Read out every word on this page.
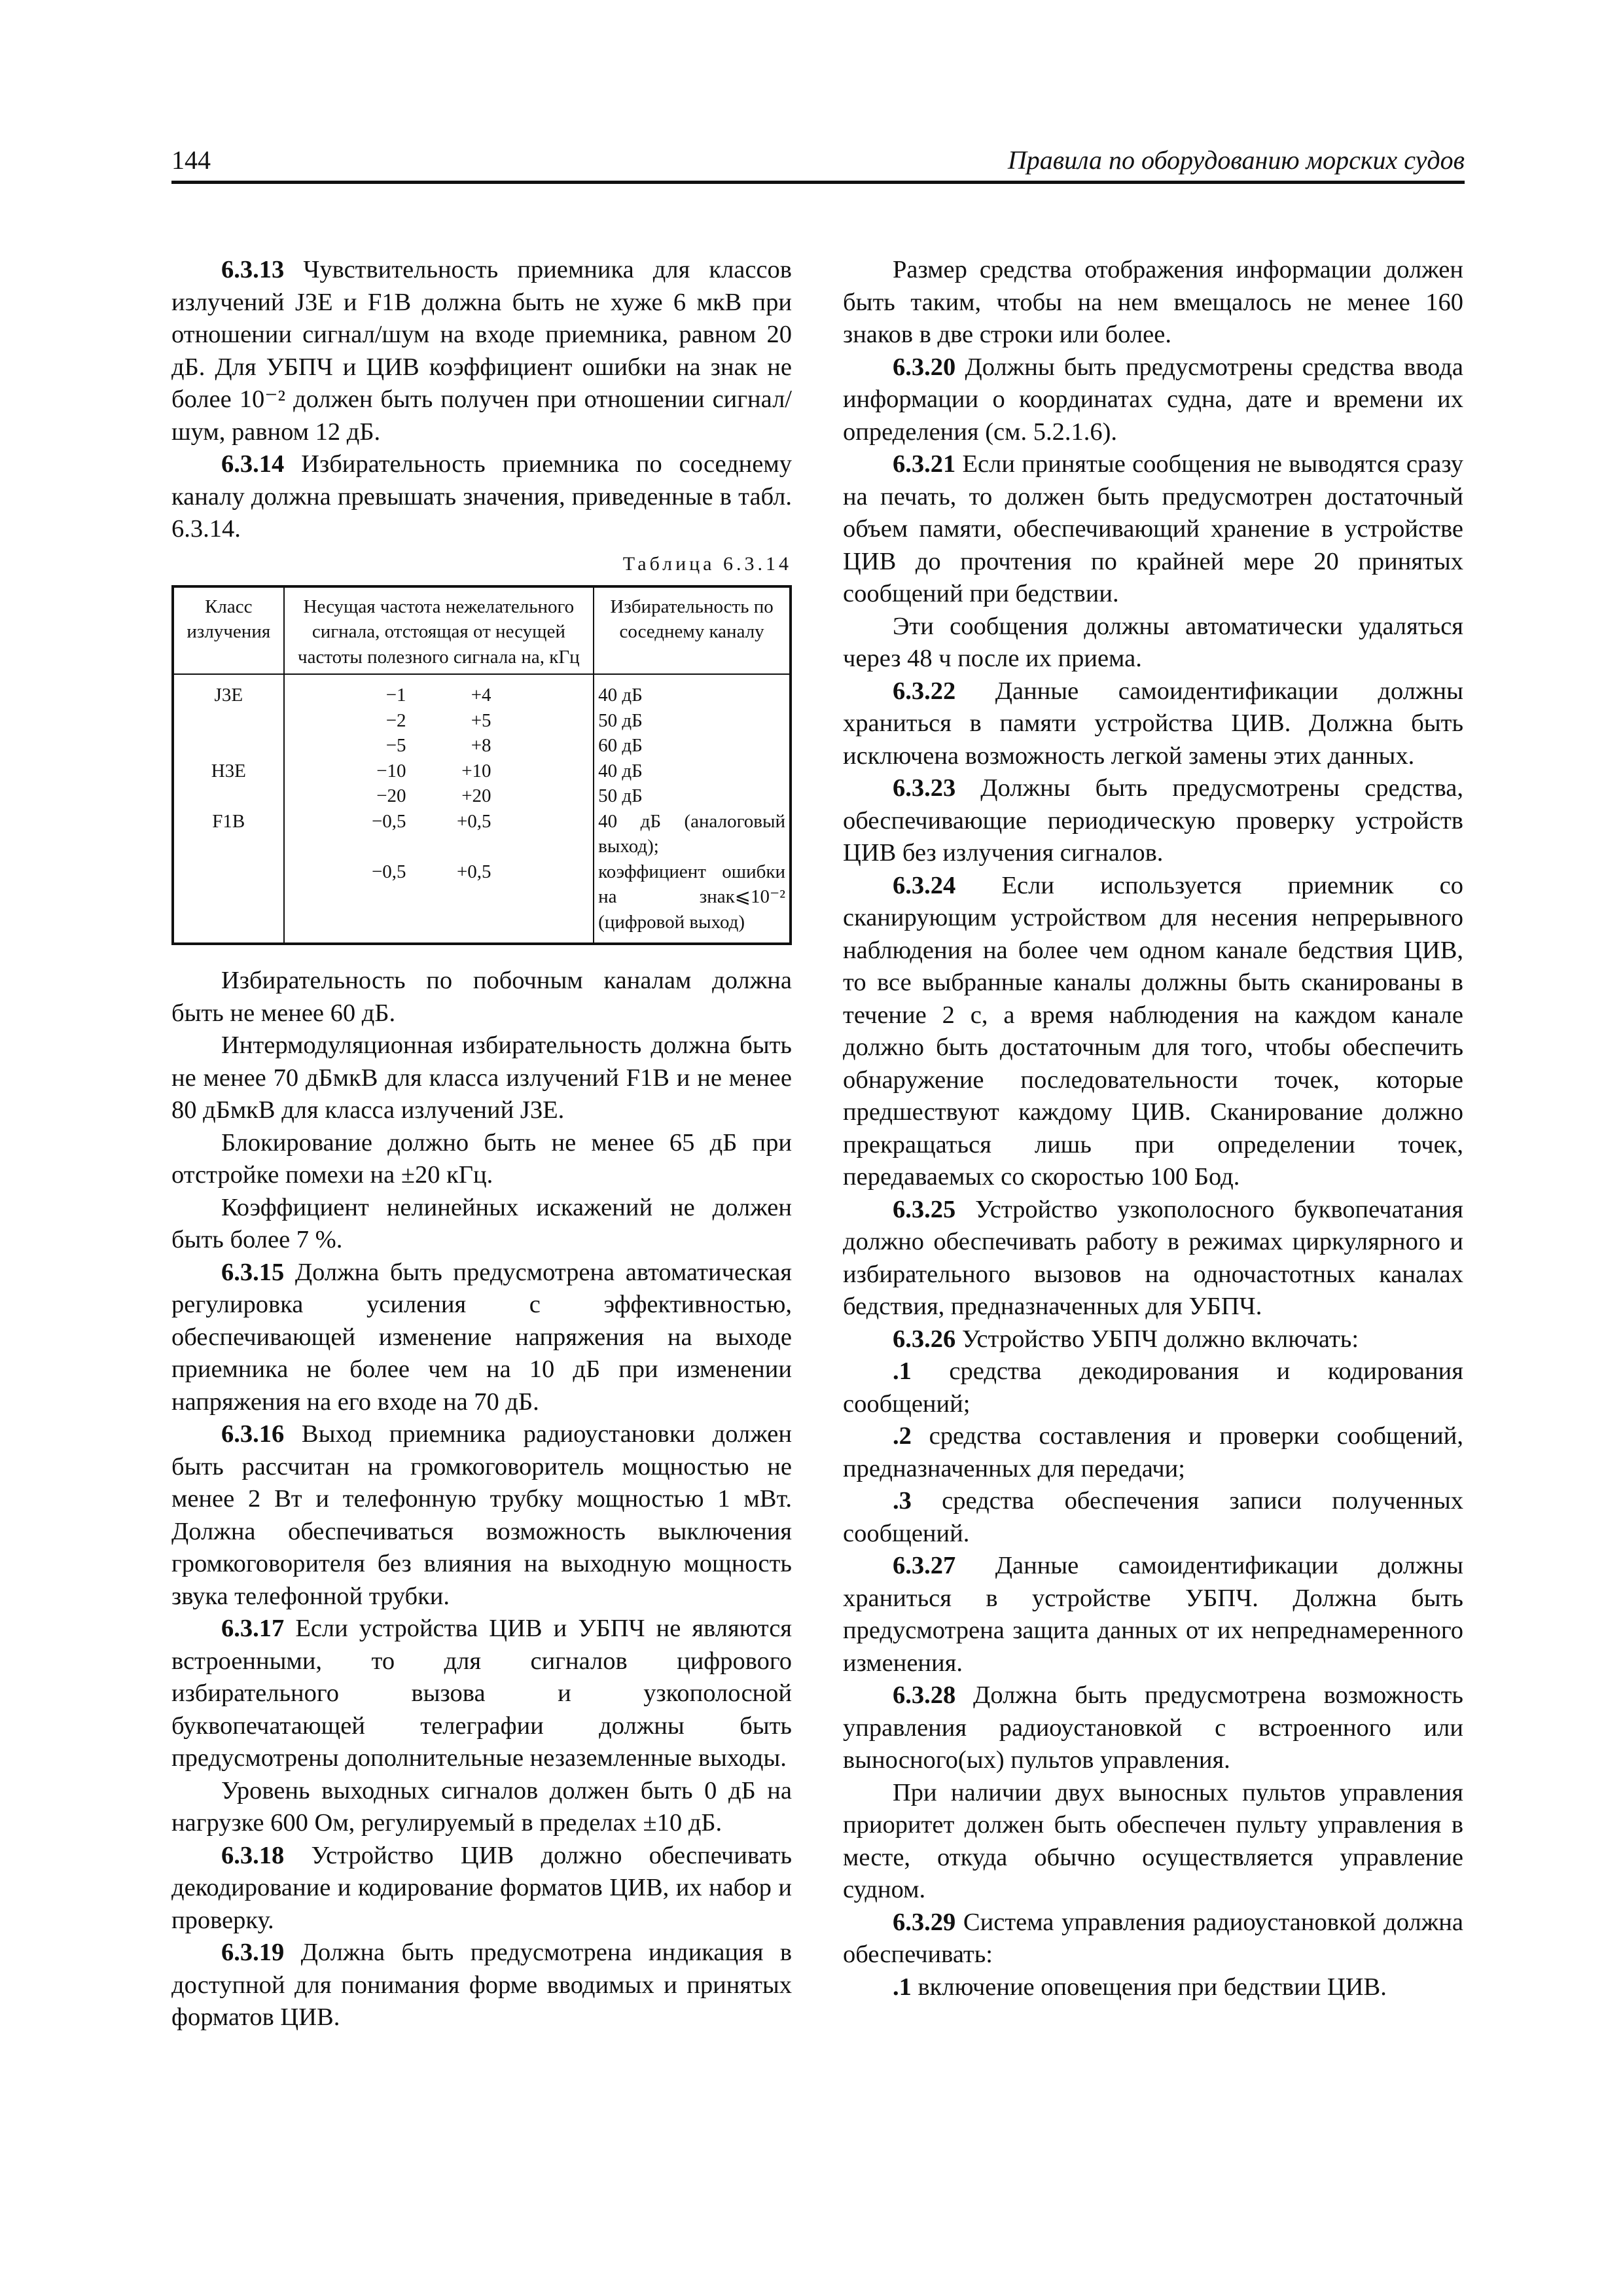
144	Правила по оборудованию морских судов

6.3.13 Чувствительность приемника для классов излучений J3E и F1B должна быть не хуже 6 мкВ при отношении сигнал/шум на входе приемника, равном 20 дБ. Для УБПЧ и ЦИВ коэффициент ошибки на знак не более 10⁻² должен быть получен при отношении сигнал/шум, равном 12 дБ.

6.3.14 Избирательность приемника по соседнему каналу должна превышать значения, приведенные в табл. 6.3.14.

Таблица 6.3.14
Класс излучения	Несущая частота нежелательного сигнала, отстоящая от несущей частоты полезного сигнала на, кГц	Избирательность по соседнему каналу
J3E	−1 +4	40 дБ

	−2 +5	50 дБ

	−5 +8	60 дБ
H3E	−10 +10	40 дБ

	−20 +20	50 дБ
F1B	−0,5 +0,5	40 дБ (аналоговый выход);

	−0,5 +0,5	коэффициент ошибки на знак⩽10⁻² (цифровой выход)

Избирательность по побочным каналам должна быть не менее 60 дБ.

Интермодуляционная избирательность должна быть не менее 70 дБмкВ для класса излучений F1B и не менее 80 дБмкВ для класса излучений J3E.

Блокирование должно быть не менее 65 дБ при отстройке помехи на ±20 кГц.

Коэффициент нелинейных искажений не должен быть более 7 %.

6.3.15 Должна быть предусмотрена автоматическая регулировка усиления с эффективностью, обеспечивающей изменение напряжения на выходе приемника не более чем на 10 дБ при изменении напряжения на его входе на 70 дБ.

6.3.16 Выход приемника радиоустановки должен быть рассчитан на громкоговоритель мощностью не менее 2 Вт и телефонную трубку мощностью 1 мВт. Должна обеспечиваться возможность выключения громкоговорителя без влияния на выходную мощность звука телефонной трубки.

6.3.17 Если устройства ЦИВ и УБПЧ не являются встроенными, то для сигналов цифрового избирательного вызова и узкополосной буквопечатающей телеграфии должны быть предусмотрены дополнительные незаземленные выходы.

Уровень выходных сигналов должен быть 0 дБ на нагрузке 600 Ом, регулируемый в пределах ±10 дБ.

6.3.18 Устройство ЦИВ должно обеспечивать декодирование и кодирование форматов ЦИВ, их набор и проверку.

6.3.19 Должна быть предусмотрена индикация в доступной для понимания форме вводимых и принятых форматов ЦИВ.

Размер средства отображения информации должен быть таким, чтобы на нем вмещалось не менее 160 знаков в две строки или более.

6.3.20 Должны быть предусмотрены средства ввода информации о координатах судна, дате и времени их определения (см. 5.2.1.6).

6.3.21 Если принятые сообщения не выводятся сразу на печать, то должен быть предусмотрен достаточный объем памяти, обеспечивающий хранение в устройстве ЦИВ до прочтения по крайней мере 20 принятых сообщений при бедствии.

Эти сообщения должны автоматически удаляться через 48 ч после их приема.

6.3.22 Данные самоидентификации должны храниться в памяти устройства ЦИВ. Должна быть исключена возможность легкой замены этих данных.

6.3.23 Должны быть предусмотрены средства, обеспечивающие периодическую проверку устройств ЦИВ без излучения сигналов.

6.3.24 Если используется приемник со сканирующим устройством для несения непрерывного наблюдения на более чем одном канале бедствия ЦИВ, то все выбранные каналы должны быть сканированы в течение 2 с, а время наблюдения на каждом канале должно быть достаточным для того, чтобы обеспечить обнаружение последовательности точек, которые предшествуют каждому ЦИВ. Сканирование должно прекращаться лишь при определении точек, передаваемых со скоростью 100 Бод.

6.3.25 Устройство узкополосного буквопечатания должно обеспечивать работу в режимах циркулярного и избирательного вызовов на одночастотных каналах бедствия, предназначенных для УБПЧ.

6.3.26 Устройство УБПЧ должно включать:

.1 средства декодирования и кодирования сообщений;

.2 средства составления и проверки сообщений, предназначенных для передачи;

.3 средства обеспечения записи полученных сообщений.

6.3.27 Данные самоидентификации должны храниться в устройстве УБПЧ. Должна быть предусмотрена защита данных от их непреднамеренного изменения.

6.3.28 Должна быть предусмотрена возможность управления радиоустановкой с встроенного или выносного(ых) пультов управления.

При наличии двух выносных пультов управления приоритет должен быть обеспечен пульту управления в месте, откуда обычно осуществляется управление судном.

6.3.29 Система управления радиоустановкой должна обеспечивать:

.1 включение оповещения при бедствии ЦИВ.
